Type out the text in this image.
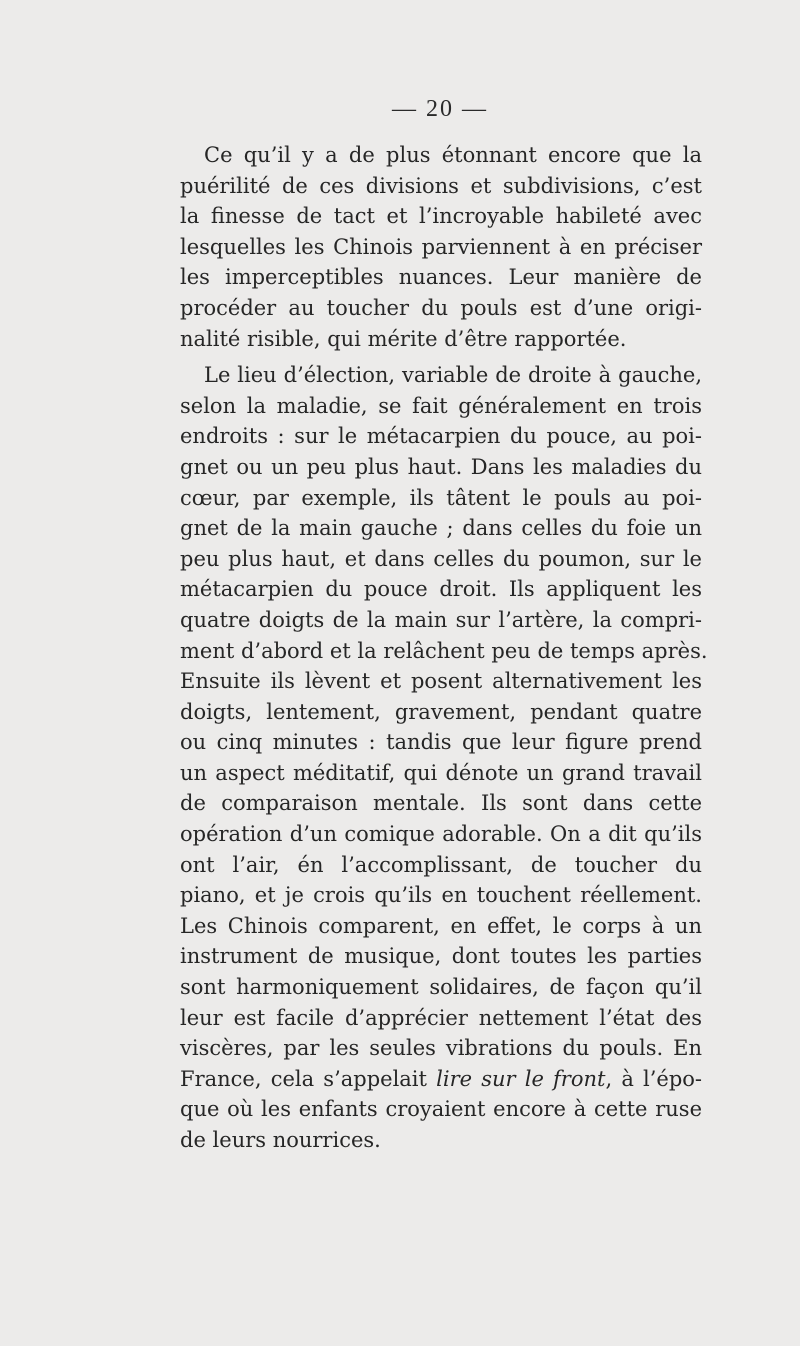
— 20 —

Ce qu’il y a de plus étonnant encore que la
puérilité de ces divisions et subdivisions, c’est
la finesse de tact et l’incroyable habileté avec
lesquelles les Chinois parviennent à en préciser
les imperceptibles nuances. Leur manière de
procéder au toucher du pouls est d’une origi-
nalité risible, qui mérite d’être rapportée.

Le lieu d’élection, variable de droite à gauche,
selon la maladie, se fait généralement en trois
endroits : sur le métacarpien du pouce, au poi-
gnet ou un peu plus haut. Dans les maladies du
cœur, par exemple, ils tâtent le pouls au poi-
gnet de la main gauche ; dans celles du foie un
peu plus haut, et dans celles du poumon, sur le
métacarpien du pouce droit. Ils appliquent les
quatre doigts de la main sur l’artère, la compri-
ment d’abord et la relâchent peu de temps après.
Ensuite ils lèvent et posent alternativement les
doigts, lentement, gravement, pendant quatre
ou cinq minutes : tandis que leur figure prend
un aspect méditatif, qui dénote un grand travail
de comparaison mentale. Ils sont dans cette
opération d’un comique adorable. On a dit qu’ils
ont l’air, én l’accomplissant, de toucher du
piano, et je crois qu’ils en touchent réellement.
Les Chinois comparent, en effet, le corps à un
instrument de musique, dont toutes les parties
sont harmoniquement solidaires, de façon qu’il
leur est facile d’apprécier nettement l’état des
viscères, par les seules vibrations du pouls. En
France, cela s’appelait lire sur le front, à l’épo-
que où les enfants croyaient encore à cette ruse
de leurs nourrices.
